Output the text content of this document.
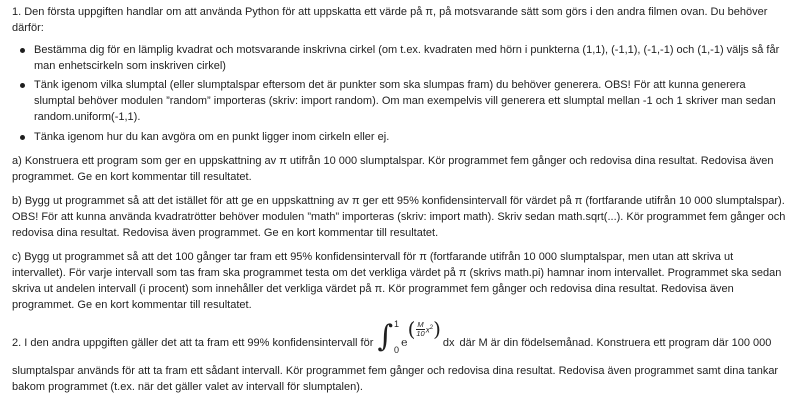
1. Den första uppgiften handlar om att använda Python för att uppskatta ett värde på π, på motsvarande sätt som görs i den andra filmen ovan. Du behöver därför:

Bestämma dig för en lämplig kvadrat och motsvarande inskrivna cirkel (om t.ex. kvadraten med hörn i punkterna (1,1), (-1,1), (-1,-1) och (1,-1) väljs så får man enhetscirkeln som inskriven cirkel)
Tänk igenom vilka slumptal (eller slumptalspar eftersom det är punkter som ska slumpas fram) du behöver generera. OBS! För att kunna generera slumptal behöver modulen ”random” importeras (skriv: import random). Om man exempelvis vill generera ett slumptal mellan -1 och 1 skriver man sedan random.uniform(-1,1).
Tänka igenom hur du kan avgöra om en punkt ligger inom cirkeln eller ej.

a) Konstruera ett program som ger en uppskattning av π utifrån 10 000 slumptalspar. Kör programmet fem gånger och redovisa dina resultat. Redovisa även programmet. Ge en kort kommentar till resultatet.

b) Bygg ut programmet så att det istället för att ge en uppskattning av π ger ett 95% konfidensintervall för värdet på π (fortfarande utifrån 10 000 slumptalspar). OBS! För att kunna använda kvadratrötter behöver modulen ”math” importeras (skriv: import math). Skriv sedan math.sqrt(...). Kör programmet fem gånger och redovisa dina resultat. Redovisa även programmet. Ge en kort kommentar till resultatet.

c) Bygg ut programmet så att det 100 gånger tar fram ett 95% konfidensintervall för π (fortfarande utifrån 10 000 slumptalspar, men utan att skriva ut intervallet). För varje intervall som tas fram ska programmet testa om det verkliga värdet på π (skrivs math.pi) hamnar inom intervallet. Programmet ska sedan skriva ut andelen intervall (i procent) som innehåller det verkliga värdet på π. Kör programmet fem gånger och redovisa dina resultat. Redovisa även programmet. Ge en kort kommentar till resultatet.

2. I den andra uppgiften gäller det att ta fram ett 99% konfidensintervall för ∫ 1
0
e
( $\frac{M}{10} x^2$ )
dx där M är din födelsemånad. Konstruera ett program där 100 000

slumptalspar används för att ta fram ett sådant intervall. Kör programmet fem gånger och redovisa dina resultat. Redovisa även programmet samt dina tankar bakom programmet (t.ex. när det gäller valet av intervall för slumptalen).
